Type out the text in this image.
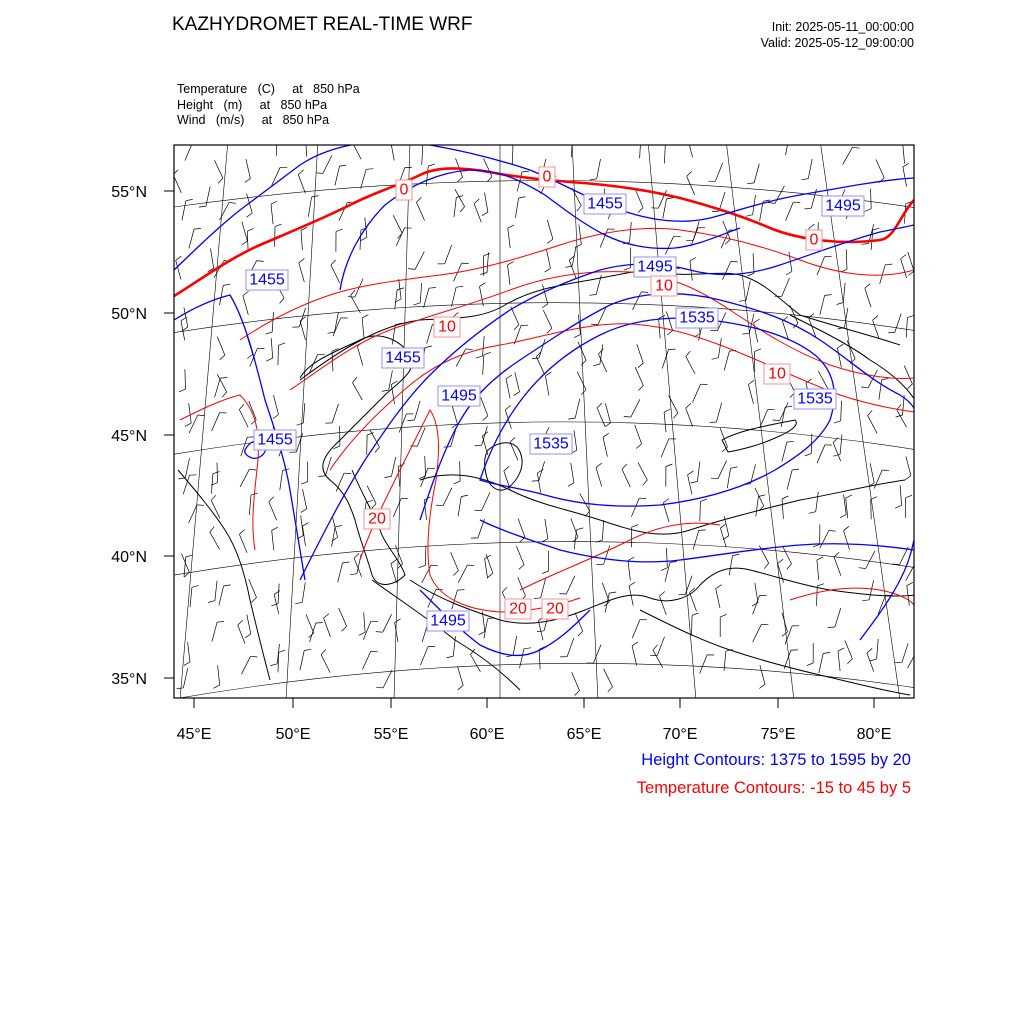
KAZHYDROMET REAL-TIME WRF	Init: 2025-05-11_00:00:00
Valid: 2025-05-12_09:00:00
Temperature   (C)     at   850 hPa
Height   (m)     at   850 hPa
Wind   (m/s)     at   850 hPa
55°N
50°N
45°N
40°N
35°N
45°E	50°E	55°E	60°E	65°E	70°E	75°E	80°E
1455
1495
1455
1495
1535
1455
1495
1455
1535
1535
1495
0
0
0
10
10
10
20
20 20
Height Contours: 1375 to 1595 by 20
Temperature Contours: -15 to 45 by 5
